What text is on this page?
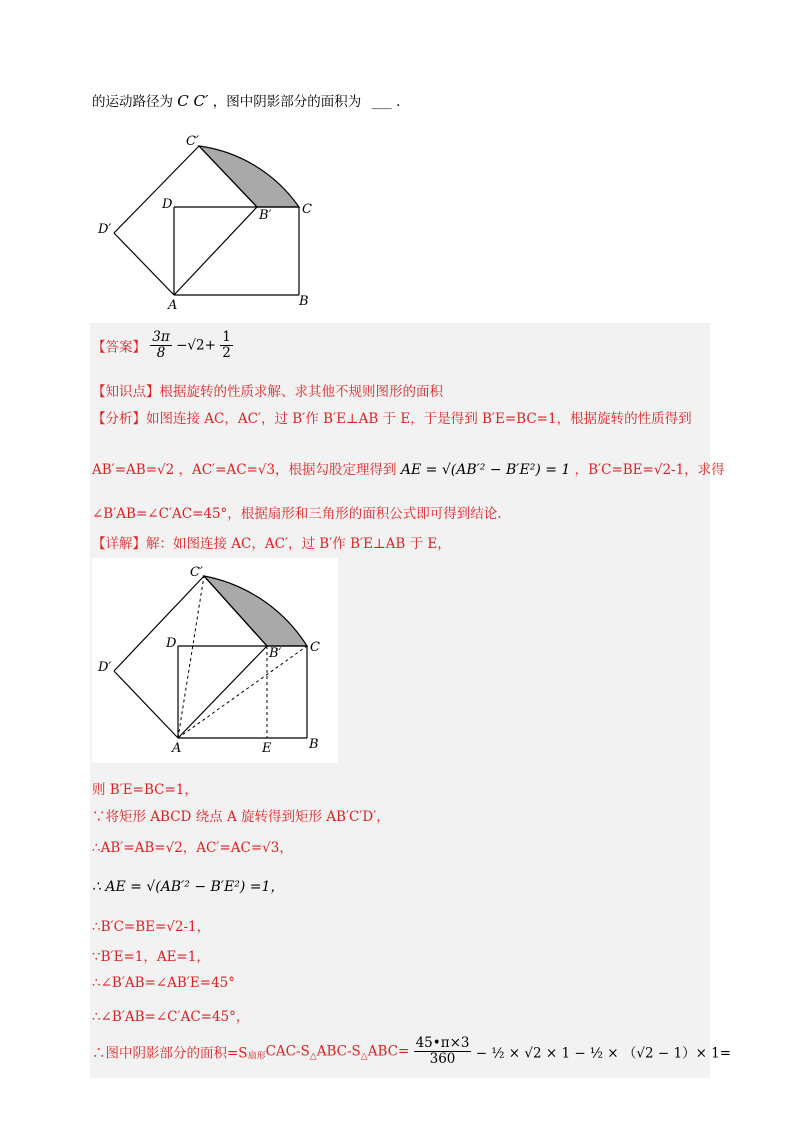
的运动路径为 C C′ ，图中阴影部分的面积为 ___ .
C′
D
B′ C
D′
A	B
【答案】 $\frac{3\pi}{8} -√2+ \frac{1}{2}$
【知识点】根据旋转的性质求解、求其他不规则图形的面积
【分析】如图连接 AC，AC′，过 B′作 B′E⊥AB 于 E，于是得到 B′E=BC=1，根据旋转的性质得到
AB′=AB=√2 ，AC′=AC=√3，根据勾股定理得到 AE = √(AB′² − B′E²) = 1 ，B′C=BE=√2-1，求得
∠B′AB=∠C′AC=45°，根据扇形和三角形的面积公式即可得到结论.
【详解】解：如图连接 AC，AC′，过 B′作 B′E⊥AB 于 E，
C′
D
B′ C
D′
A	E	B
则 B′E=BC=1，
∵将矩形 ABCD 绕点 A 旋转得到矩形 AB′C′D′，
∴AB′=AB=√2，AC′=AC=√3，
∴ AE = √(AB′² − B′E²) =1，
∴B′C=BE=√2-1，
∵B′E=1，AE=1，
∴∠B′AB=∠AB′E=45°
∴∠B′AB=∠C′AC=45°，
∴图中阴影部分的面积$=S_{扇形}CAC-S_\triangle ABC-S_\triangle ABC= \frac{45•\pi\times 3}{360}$ − ½ × √2 × 1 − ½ × （√2 − 1）× 1=
